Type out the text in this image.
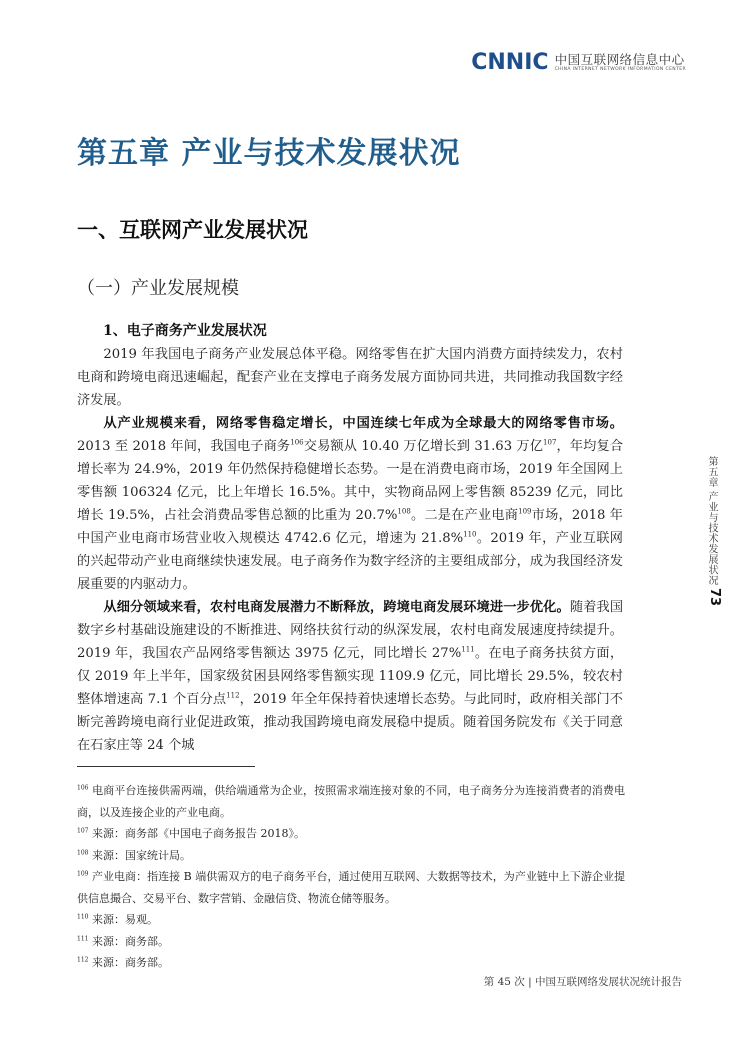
CNNIC 中国互联网络信息中心
CHINA INTERNET NETWORK INFORMATION CENTER
第五章 产业与技术发展状况
一、互联网产业发展状况
（一）产业发展规模
1、电子商务产业发展状况

2019 年我国电子商务产业发展总体平稳。网络零售在扩大国内消费方面持续发力，农村电商和跨境电商迅速崛起，配套产业在支撑电子商务发展方面协同共进，共同推动我国数字经济发展。

从产业规模来看，网络零售稳定增长，中国连续七年成为全球最大的网络零售市场。2013 至 2018 年间，我国电子商务$^{106}$交易额从 10.40 万亿增长到 31.63 万亿$^{107}$，年均复合增长率为 24.9%，2019 年仍然保持稳健增长态势。一是在消费电商市场，2019 年全国网上零售额 106324 亿元，比上年增长 16.5%。其中，实物商品网上零售额 85239 亿元，同比增长 19.5%，占社会消费品零售总额的比重为 20.7%$^{108}$。二是在产业电商$^{109}$市场，2018 年中国产业电商市场营业收入规模达 4742.6 亿元，增速为 21.8%$^{110}$。2019 年，产业互联网的兴起带动产业电商继续快速发展。电子商务作为数字经济的主要组成部分，成为我国经济发展重要的内驱动力。

从细分领域来看，农村电商发展潜力不断释放，跨境电商发展环境进一步优化。随着我国数字乡村基础设施建设的不断推进、网络扶贫行动的纵深发展，农村电商发展速度持续提升。2019 年，我国农产品网络零售额达 3975 亿元，同比增长 27%$^{111}$。在电子商务扶贫方面，仅 2019 年上半年，国家级贫困县网络零售额实现 1109.9 亿元，同比增长 29.5%，较农村整体增速高 7.1 个百分点$^{112}$，2019 年全年保持着快速增长态势。与此同时，政府相关部门不断完善跨境电商行业促进政策，推动我国跨境电商发展稳中提质。随着国务院发布《关于同意在石家庄等 24 个城

$^{106}$ 电商平台连接供需两端，供给端通常为企业，按照需求端连接对象的不同，电子商务分为连接消费者的消费电商，以及连接企业的产业电商。

$^{107}$ 来源：商务部《中国电子商务报告 2018》。

$^{108}$ 来源：国家统计局。

$^{109}$ 产业电商：指连接 B 端供需双方的电子商务平台，通过使用互联网、大数据等技术，为产业链中上下游企业提供信息撮合、交易平台、数字营销、金融信贷、物流仓储等服务。

$^{110}$ 来源：易观。

$^{111}$ 来源：商务部。

$^{112}$ 来源：商务部。

第五章 产业与技术发展状况
73
第 45 次 | 中国互联网络发展状况统计报告
